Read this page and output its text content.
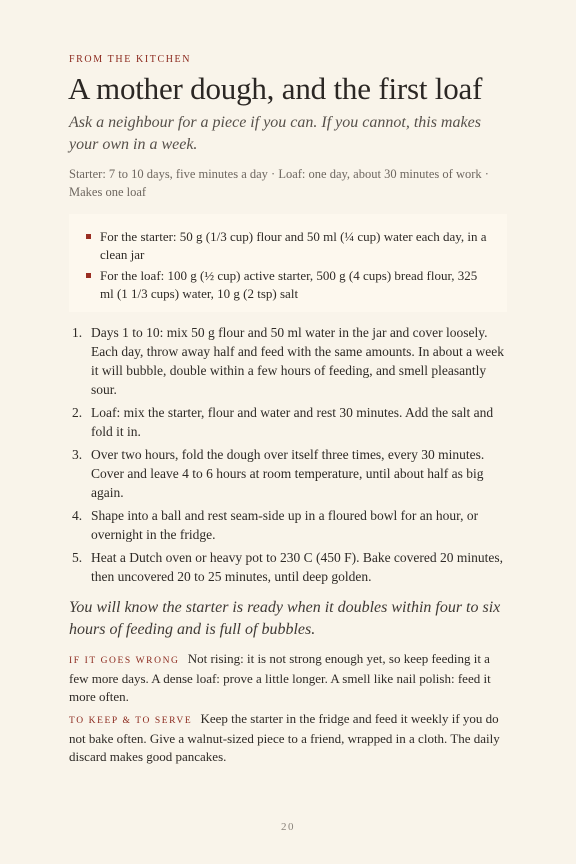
FROM THE KITCHEN
A mother dough, and the first loaf

Ask a neighbour for a piece if you can. If you cannot, this makes your own in a week.

Starter: 7 to 10 days, five minutes a day · Loaf: one day, about 30 minutes of work · Makes one loaf

For the starter: 50 g (1/3 cup) flour and 50 ml (¼ cup) water each day, in a clean jar
For the loaf: 100 g (½ cup) active starter, 500 g (4 cups) bread flour, 325 ml (1 1/3 cups) water, 10 g (2 tsp) salt
1. Days 1 to 10: mix 50 g flour and 50 ml water in the jar and cover loosely. Each day, throw away half and feed with the same amounts. In about a week it will bubble, double within a few hours of feeding, and smell pleasantly sour.
2. Loaf: mix the starter, flour and water and rest 30 minutes. Add the salt and fold it in.
3. Over two hours, fold the dough over itself three times, every 30 minutes. Cover and leave 4 to 6 hours at room temperature, until about half as big again.
4. Shape into a ball and rest seam-side up in a floured bowl for an hour, or overnight in the fridge.
5. Heat a Dutch oven or heavy pot to 230 C (450 F). Bake covered 20 minutes, then uncovered 20 to 25 minutes, until deep golden.

You will know the starter is ready when it doubles within four to six hours of feeding and is full of bubbles.

IF IT GOES WRONG Not rising: it is not strong enough yet, so keep feeding it a few more days. A dense loaf: prove a little longer. A smell like nail polish: feed it more often.

TO KEEP & TO SERVE Keep the starter in the fridge and feed it weekly if you do not bake often. Give a walnut-sized piece to a friend, wrapped in a cloth. The daily discard makes good pancakes.

20
